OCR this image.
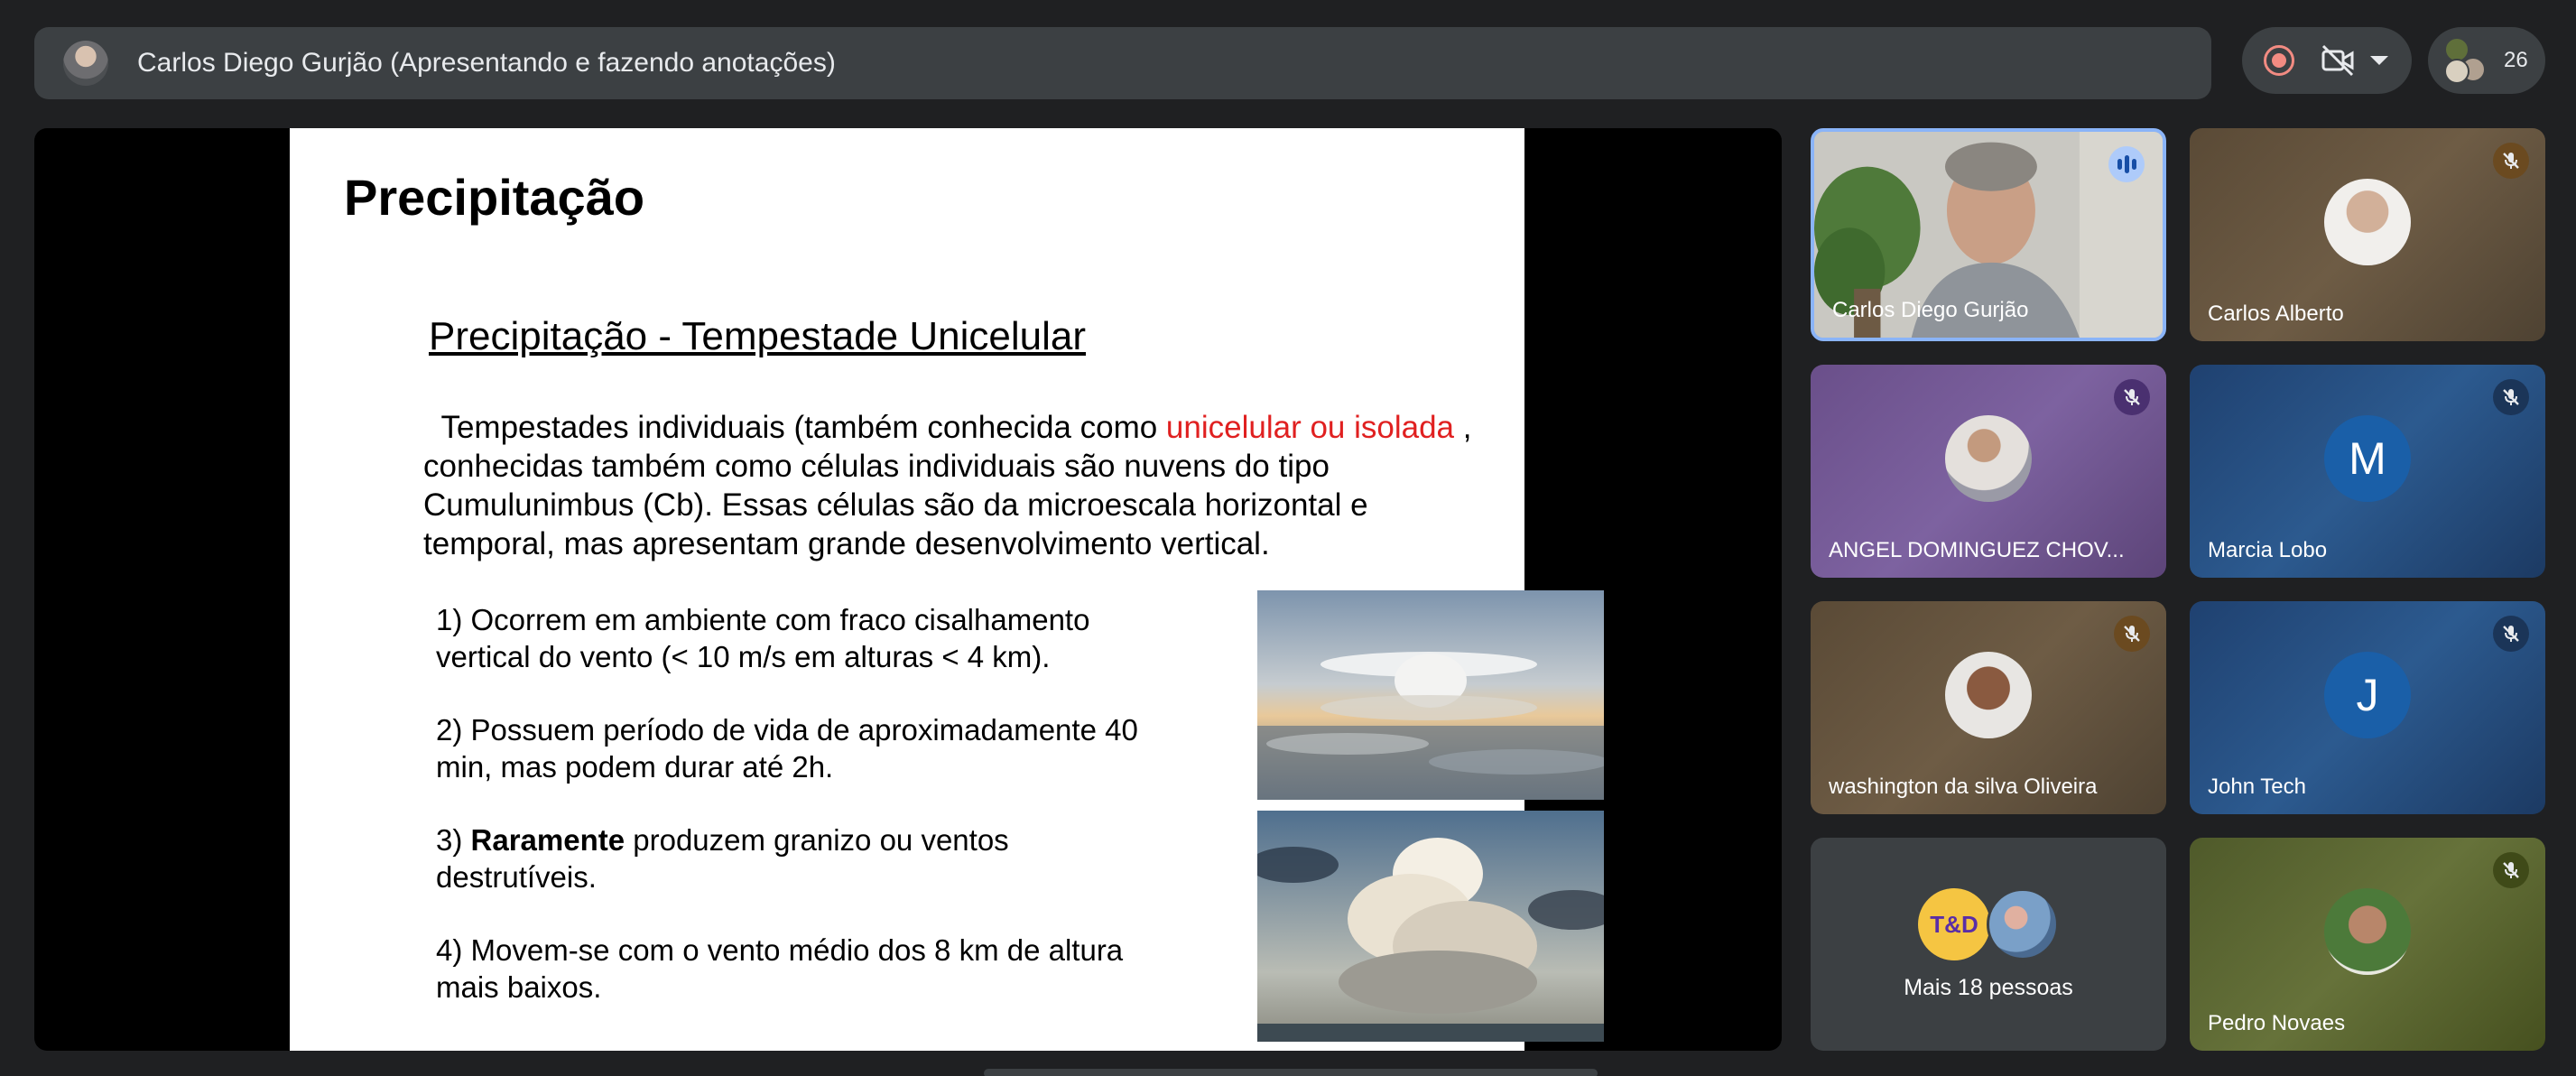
Carlos Diego Gurjão (Apresentando e fazendo anotações)	26
Precipitação
Precipitação - Tempestade Unicelular
Tempestades individuais (também conhecida como unicelular ou isolada , conhecidas também como células individuais são nuvens do tipo Cumulunimbus (Cb). Essas células são da microescala horizontal e temporal, mas apresentam grande desenvolvimento vertical.
1) Ocorrem em ambiente com fraco cisalhamento vertical do vento (< 10 m/s em alturas < 4 km).
2) Possuem período de vida de aproximadamente 40 min, mas podem durar até 2h.
3) Raramente produzem granizo ou ventos destrutíveis.
4) Movem-se com o vento médio dos 8 km de altura mais baixos.
Carlos Diego Gurjão	Carlos Alberto
ANGEL DOMINGUEZ CHOV...
M
Marcia Lobo
washington da silva Oliveira
J
John Tech
T&D
Mais 18 pessoas
Pedro Novaes
